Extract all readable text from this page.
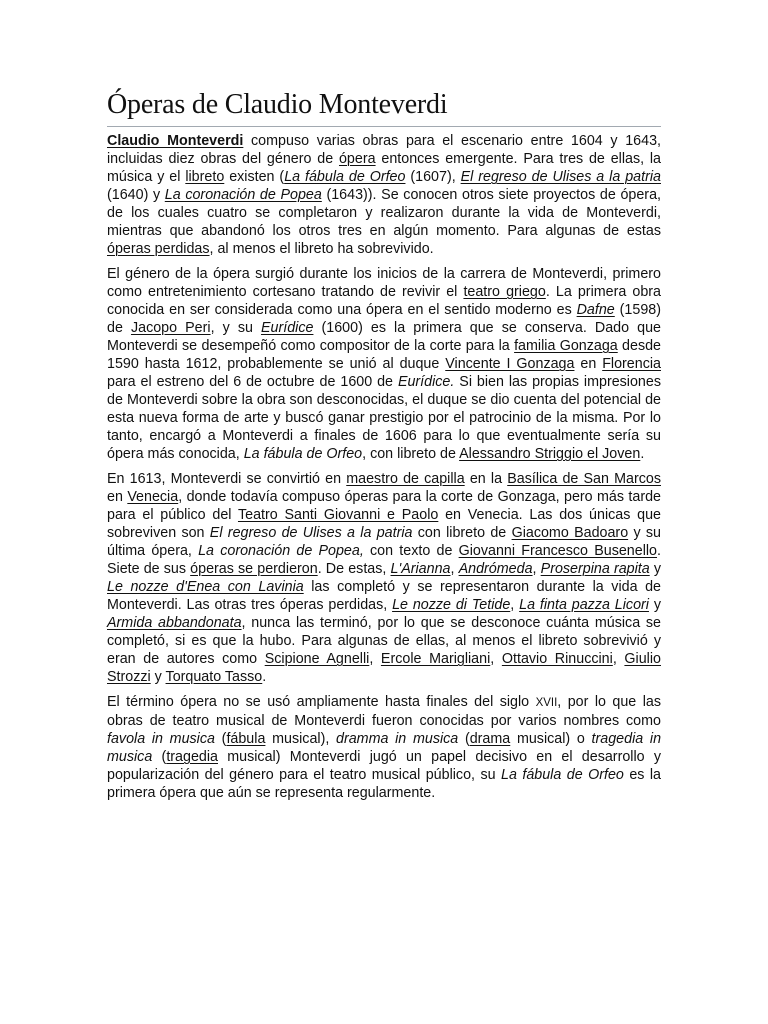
Óperas de Claudio Monteverdi

Claudio Monteverdi compuso varias obras para el escenario entre 1604 y 1643, incluidas diez obras del género de ópera entonces emergente. Para tres de ellas, la música y el libreto existen (La fábula de Orfeo (1607), El regreso de Ulises a la patria (1640) y La coronación de Popea (1643)). Se conocen otros siete proyectos de ópera, de los cuales cuatro se completaron y realizaron durante la vida de Monteverdi, mientras que abandonó los otros tres en algún momento. Para algunas de estas óperas perdidas, al menos el libreto ha sobrevivido.

El género de la ópera surgió durante los inicios de la carrera de Monteverdi, primero como entretenimiento cortesano tratando de revivir el teatro griego. La primera obra conocida en ser considerada como una ópera en el sentido moderno es Dafne (1598) de Jacopo Peri, y su Eurídice (1600) es la primera que se conserva. Dado que Monteverdi se desempeñó como compositor de la corte para la familia Gonzaga desde 1590 hasta 1612, probablemente se unió al duque Vincente I Gonzaga en Florencia para el estreno del 6 de octubre de 1600 de Eurídice. Si bien las propias impresiones de Monteverdi sobre la obra son desconocidas, el duque se dio cuenta del potencial de esta nueva forma de arte y buscó ganar prestigio por el patrocinio de la misma. Por lo tanto, encargó a Monteverdi a finales de 1606 para lo que eventualmente sería su ópera más conocida, La fábula de Orfeo, con libreto de Alessandro Striggio el Joven.

En 1613, Monteverdi se convirtió en maestro de capilla en la Basílica de San Marcos en Venecia, donde todavía compuso óperas para la corte de Gonzaga, pero más tarde para el público del Teatro Santi Giovanni e Paolo en Venecia. Las dos únicas que sobreviven son El regreso de Ulises a la patria con libreto de Giacomo Badoaro y su última ópera, La coronación de Popea, con texto de Giovanni Francesco Busenello. Siete de sus óperas se perdieron. De estas, L'Arianna, Andrómeda, Proserpina rapita y Le nozze d'Enea con Lavinia las completó y se representaron durante la vida de Monteverdi. Las otras tres óperas perdidas, Le nozze di Tetide, La finta pazza Licori y Armida abbandonata, nunca las terminó, por lo que se desconoce cuánta música se completó, si es que la hubo. Para algunas de ellas, al menos el libreto sobrevivió y eran de autores como Scipione Agnelli, Ercole Marigliani, Ottavio Rinuccini, Giulio Strozzi y Torquato Tasso.

El término ópera no se usó ampliamente hasta finales del siglo XVII, por lo que las obras de teatro musical de Monteverdi fueron conocidas por varios nombres como favola in musica (fábula musical), dramma in musica (drama musical) o tragedia in musica (tragedia musical) Monteverdi jugó un papel decisivo en el desarrollo y popularización del género para el teatro musical público, su La fábula de Orfeo es la primera ópera que aún se representa regularmente.
